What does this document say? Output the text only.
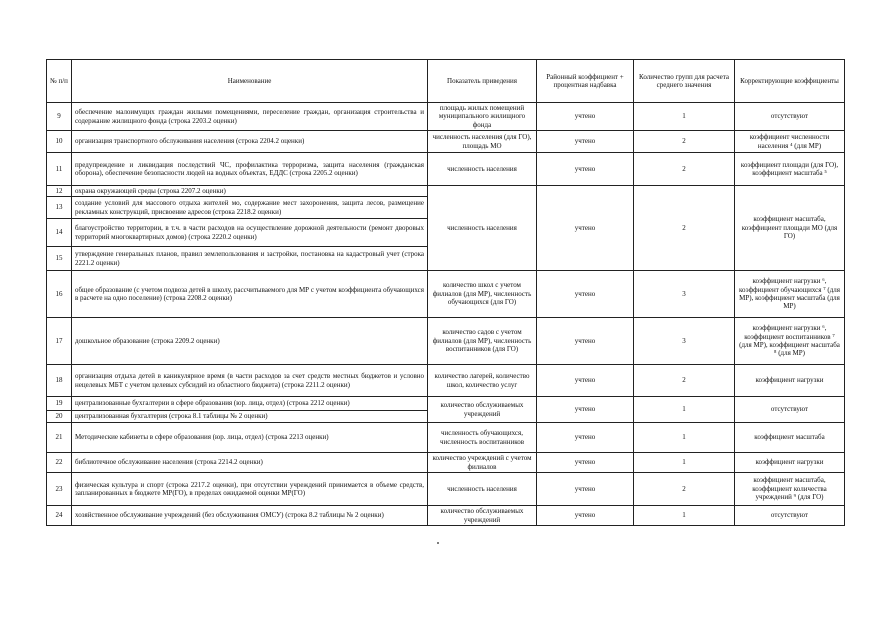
№ п/п	Наименование	Показатель приведения	Районный коэффициент + процентная надбавка	Количество групп для расчета среднего значения	Корректирующие коэффициенты
9	обеспечение малоимущих граждан жилыми помещениями, переселение граждан, организация строительства и содержание жилищного фонда (строка 2203.2 оценки)	площадь жилых помещений муниципального жилищного фонда	учтено	1	отсутствуют
10	организация транспортного обслуживания населения (строка 2204.2 оценки)	численность населения (для ГО), площадь МО	учтено	2	коэффициент численности населения ⁴ (для МР)
11	предупреждение и ликвидация последствий ЧС, профилактика терроризма, защита населения (гражданская оборона), обеспечение безопасности людей на водных объектах, ЕДДС (строка 2205.2 оценки)	численность населения	учтено	2	коэффициент площади (для ГО), коэффициент масштаба ⁵
12	охрана окружающей среды (строка 2207.2 оценки)	численность населения	учтено	2	коэффициент масштаба, коэффициент площади МО (для ГО)
13	создание условий для массового отдыха жителей мо, содержание мест захоронения, защита лесов, размещение рекламных конструкций, присвоение адресов (строка 2218.2 оценки)				
14	благоустройство территории, в т.ч. в части расходов на осуществление дорожной деятельности (ремонт дворовых территорий многоквартирных домов) (строка 2220.2 оценки)				
15	утверждение генеральных планов, правил землепользования и застройки, постановка на кадастровый учет (строка 2221.2 оценки)				
16	общее образование (с учетом подвоза детей в школу, рассчитываемого для МР с учетом коэффициента обучающихся в расчете на одно поселение) (строка 2208.2 оценки)	количество школ с учетом филиалов (для МР), численность обучающихся (для ГО)	учтено	3	коэффициент нагрузки ⁶, коэффициент обучающихся ⁷ (для МР), коэффициент масштаба (для МР)
17	дошкольное образование (строка 2209.2 оценки)	количество садов с учетом филиалов (для МР), численность воспитанников (для ГО)	учтено	3	коэффициент нагрузки ⁶, коэффициент воспитанников ⁷ (для МР), коэффициент масштаба ⁸ (для МР)
18	организация отдыха детей в каникулярное время (в части расходов за счет средств местных бюджетов и условно нецелевых МБТ с учетом целевых субсидий из областного бюджета) (строка 2211.2 оценки)	количество лагерей, количество школ, количество услуг	учтено	2	коэффициент нагрузки
19	централизованные бухгалтерии в сфере образования (юр. лица, отдел) (строка 2212 оценки)	количество обслуживаемых учреждений	учтено	1	отсутствуют
20	централизованная бухгалтерия (строка 8.1 таблицы № 2 оценки)				
21	Методические кабинеты в сфере образования (юр. лица, отдел) (строка 2213 оценки)	численность обучающихся, численность воспитанников	учтено	1	коэффициент масштаба
22	библиотечное обслуживание населения (строка 2214.2 оценки)	количество учреждений с учетом филиалов	учтено	1	коэффициент нагрузки
23	физическая культура и спорт (строка 2217.2 оценки), при отсутствии учреждений принимается в объеме средств, запланированных в бюджете МР(ГО), в пределах ожидаемой оценки МР(ГО)	численность населения	учтено	2	коэффициент масштаба, коэффициент количества учреждений ⁹ (для ГО)
24	хозяйственное обслуживание учреждений (без обслуживания ОМСУ) (строка 8.2 таблицы № 2 оценки)	количество обслуживаемых учреждений	учтено	1	отсутствуют
